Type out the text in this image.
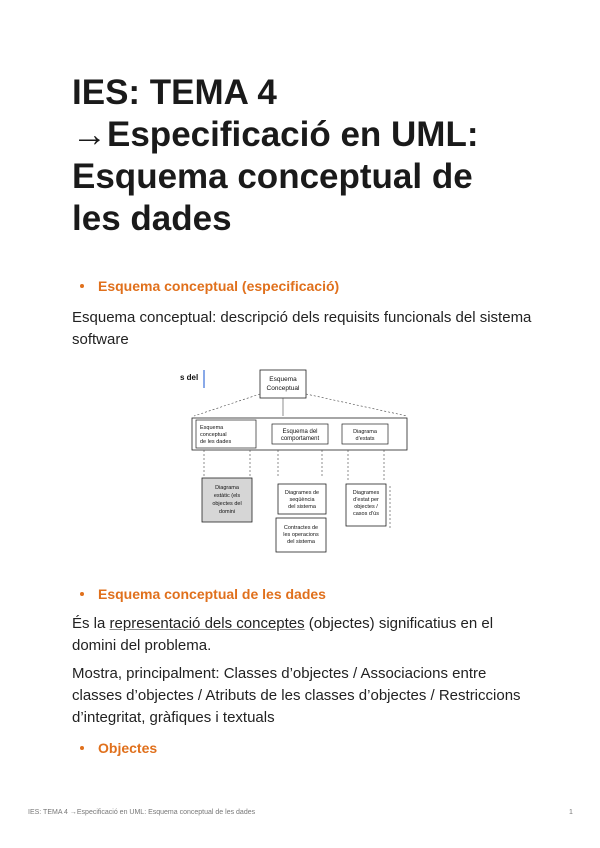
IES: TEMA 4
→Especificació en UML:
Esquema conceptual de
les dades
Esquema conceptual (especificació)
Esquema conceptual: descripció dels requisits funcionals del sistema software
s del	Esquema
Conceptual
Esquema
conceptual
de les dades
Esquema del
comportament
Diagrama
d’estats
Diagrama
estàtic (els
objectes del
domini
Diagrames de
seqüència
del sistema
Contractes de
les operacions
del sistema
Diagrames
d’estat per
objectes /
casos d’ús
Esquema conceptual de les dades
És la representació dels conceptes (objectes) significatius en el domini del problema.
Mostra, principalment: Classes d’objectes / Associacions entre classes d’objectes / Atributs de les classes d’objectes / Restriccions d’integritat, gràfiques i textuals
Objectes
IES: TEMA 4 →Especificació en UML: Esquema conceptual de les dades	1
